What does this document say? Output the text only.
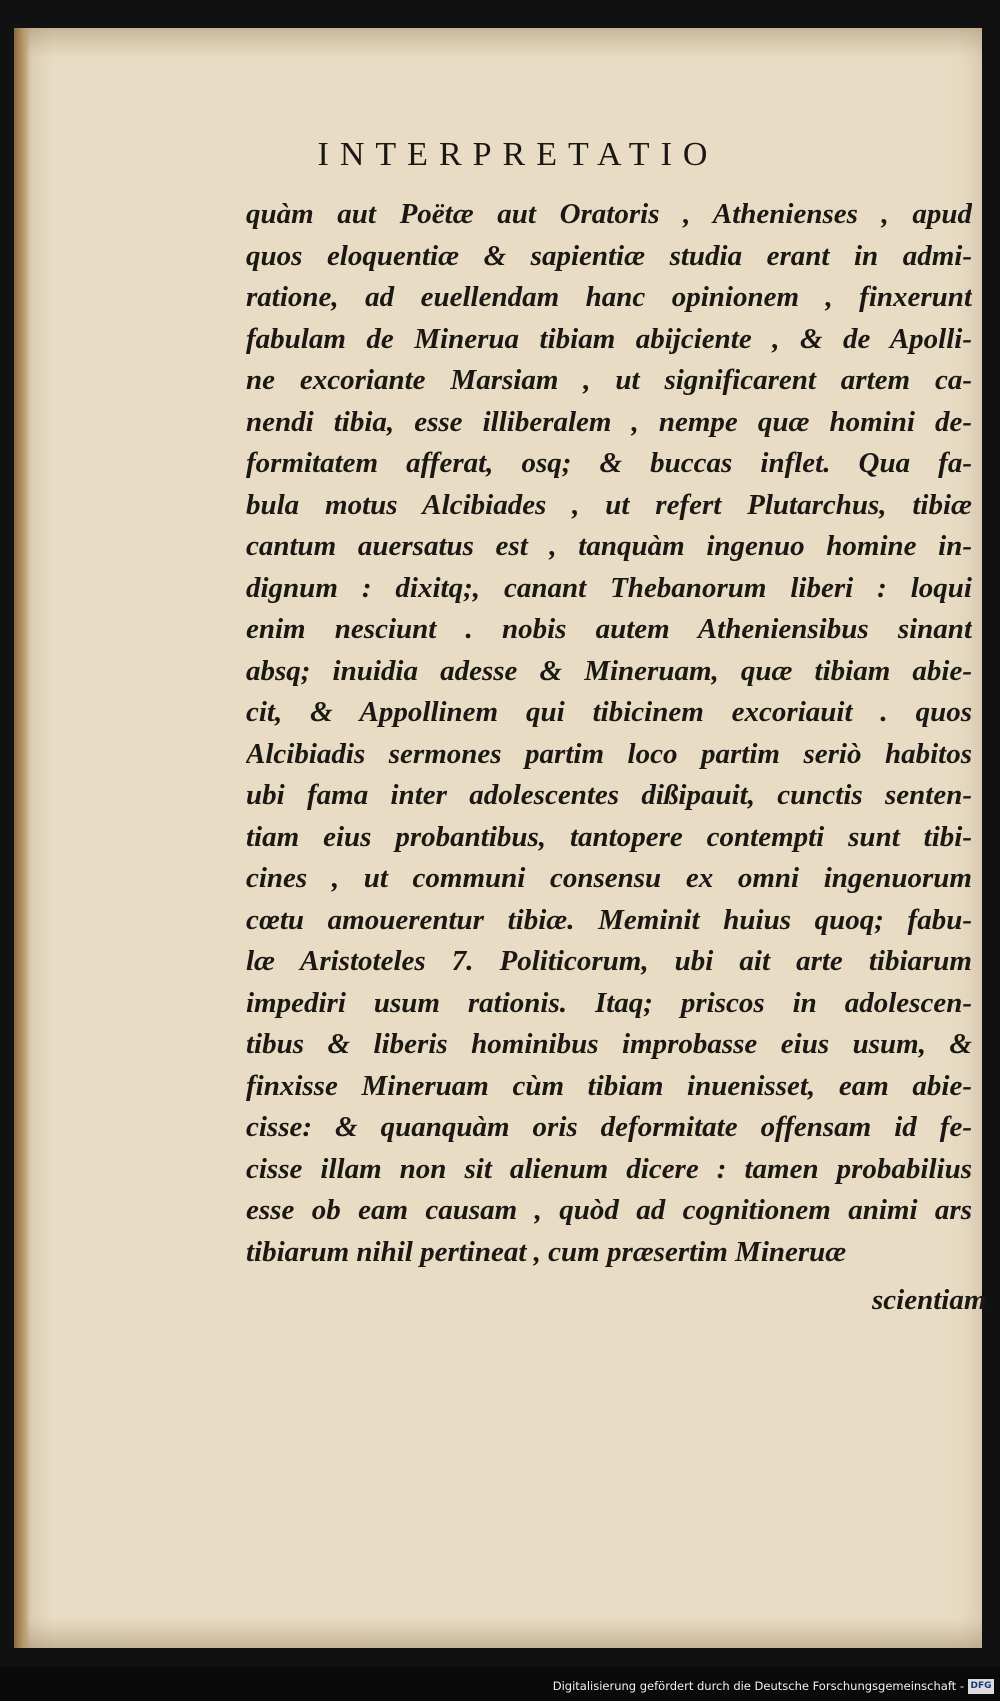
INTERPRETATIO
quàm aut Poëtæ aut Oratoris , Athenienses , apud
quos eloquentiæ & sapientiæ studia erant in admi-
ratione, ad euellendam hanc opinionem , finxerunt
fabulam de Minerua tibiam abijciente , & de Apolli-
ne excoriante Marsiam , ut significarent artem ca-
nendi tibia, esse illiberalem , nempe quæ homini de-
formitatem afferat, osq; & buccas inflet. Qua fa-
bula motus Alcibiades , ut refert Plutarchus, tibiæ
cantum auersatus est , tanquàm ingenuo homine in-
dignum : dixitq;, canant Thebanorum liberi : loqui
enim nesciunt . nobis autem Atheniensibus sinant
absq; inuidia adesse & Mineruam, quæ tibiam abie-
cit, & Appollinem qui tibicinem excoriauit . quos
Alcibiadis sermones partim loco partim seriò habitos
ubi fama inter adolescentes dißipauit, cunctis senten-
tiam eius probantibus, tantopere contempti sunt tibi-
cines , ut communi consensu ex omni ingenuorum
cœtu amouerentur tibiæ. Meminit huius quoq; fabu-
læ Aristoteles 7. Politicorum, ubi ait arte tibiarum
impediri usum rationis. Itaq; priscos in adolescen-
tibus & liberis hominibus improbasse eius usum, &
finxisse Mineruam cùm tibiam inuenisset, eam abie-
cisse: & quanquàm oris deformitate offensam id fe-
cisse illam non sit alienum dicere : tamen probabilius
esse ob eam causam , quòd ad cognitionem animi ars
tibiarum nihil pertineat , cum præsertim Mineruæ
scientiam
Digitalisierung gefördert durch die Deutsche Forschungsgemeinschaft - DFG
